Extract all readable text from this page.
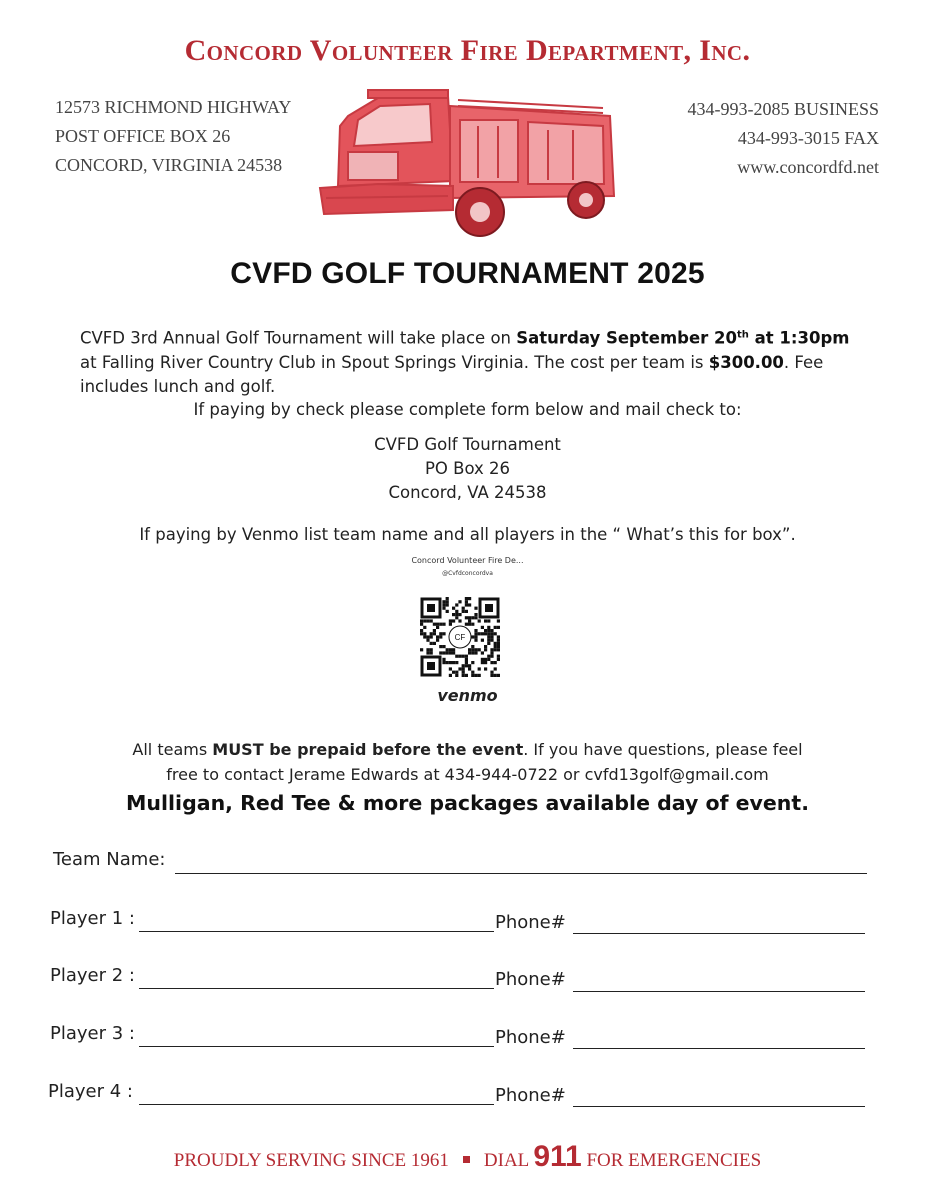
Concord Volunteer Fire Department, Inc.
12573 RICHMOND HIGHWAY
POST OFFICE BOX 26
CONCORD, VIRGINIA 24538
434-993-2085 BUSINESS
434-993-3015 FAX
www.concordfd.net
CVFD GOLF TOURNAMENT 2025
CVFD 3rd Annual Golf Tournament will take place on Saturday September 20th at 1:30pm at Falling River Country Club in Spout Springs Virginia. The cost per team is $300.00. Fee includes lunch and golf.
If paying by check please complete form below and mail check to:
CVFD Golf Tournament
PO Box 26
Concord, VA 24538
If paying by Venmo list team name and all players in the “ What’s this for box”.
Concord Volunteer Fire De...
@Cvfdconcordva
CF
venmo
All teams MUST be prepaid before the event. If you have questions, please feel
free to contact Jerame Edwards at 434-944-0722 or cvfd13golf@gmail.com
Mulligan, Red Tee & more packages available day of event.
Team Name:
Player 1 :	Phone#
Player 2 :	Phone#
Player 3 :	Phone#
Player 4 :	Phone#
PROUDLY SERVING SINCE 1961 DIAL 911 FOR EMERGENCIES
